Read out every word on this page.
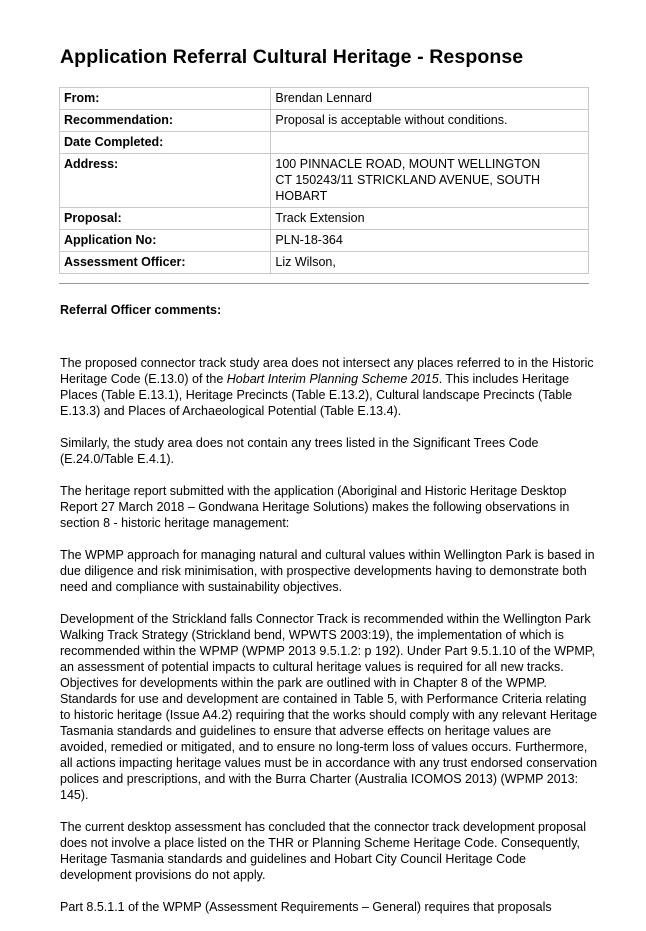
Application Referral Cultural Heritage - Response
From:	Brendan Lennard
Recommendation:	Proposal is acceptable without conditions.
Date Completed:	
Address:	100 PINNACLE ROAD, MOUNT WELLINGTON
CT 150243/11 STRICKLAND AVENUE, SOUTH
HOBART

Proposal:	Track Extension
Application No:	PLN-18-364
Assessment Officer:	Liz Wilson,
Referral Officer comments:

The proposed connector track study area does not intersect any places referred to in the Historic Heritage Code (E.13.0) of the Hobart Interim Planning Scheme 2015. This includes Heritage Places (Table E.13.1), Heritage Precincts (Table E.13.2), Cultural landscape Precincts (Table E.13.3) and Places of Archaeological Potential (Table E.13.4).

Similarly, the study area does not contain any trees listed in the Significant Trees Code (E.24.0/Table E.4.1).

The heritage report submitted with the application (Aboriginal and Historic Heritage Desktop Report 27 March 2018 – Gondwana Heritage Solutions) makes the following observations in section 8 - historic heritage management:

The WPMP approach for managing natural and cultural values within Wellington Park is based in due diligence and risk minimisation, with prospective developments having to demonstrate both need and compliance with sustainability objectives.

Development of the Strickland falls Connector Track is recommended within the Wellington Park Walking Track Strategy (Strickland bend, WPWTS 2003:19), the implementation of which is recommended within the WPMP (WPMP 2013 9.5.1.2: p 192). Under Part 9.5.1.10 of the WPMP, an assessment of potential impacts to cultural heritage values is required for all new tracks. Objectives for developments within the park are outlined with in Chapter 8 of the WPMP. Standards for use and development are contained in Table 5, with Performance Criteria relating to historic heritage (Issue A4.2) requiring that the works should comply with any relevant Heritage Tasmania standards and guidelines to ensure that adverse effects on heritage values are avoided, remedied or mitigated, and to ensure no long-term loss of values occurs. Furthermore, all actions impacting heritage values must be in accordance with any trust endorsed conservation polices and prescriptions, and with the Burra Charter (Australia ICOMOS 2013) (WPMP 2013: 145).

The current desktop assessment has concluded that the connector track development proposal does not involve a place listed on the THR or Planning Scheme Heritage Code. Consequently, Heritage Tasmania standards and guidelines and Hobart City Council Heritage Code development provisions do not apply.

Part 8.5.1.1 of the WPMP (Assessment Requirements – General) requires that proposals
